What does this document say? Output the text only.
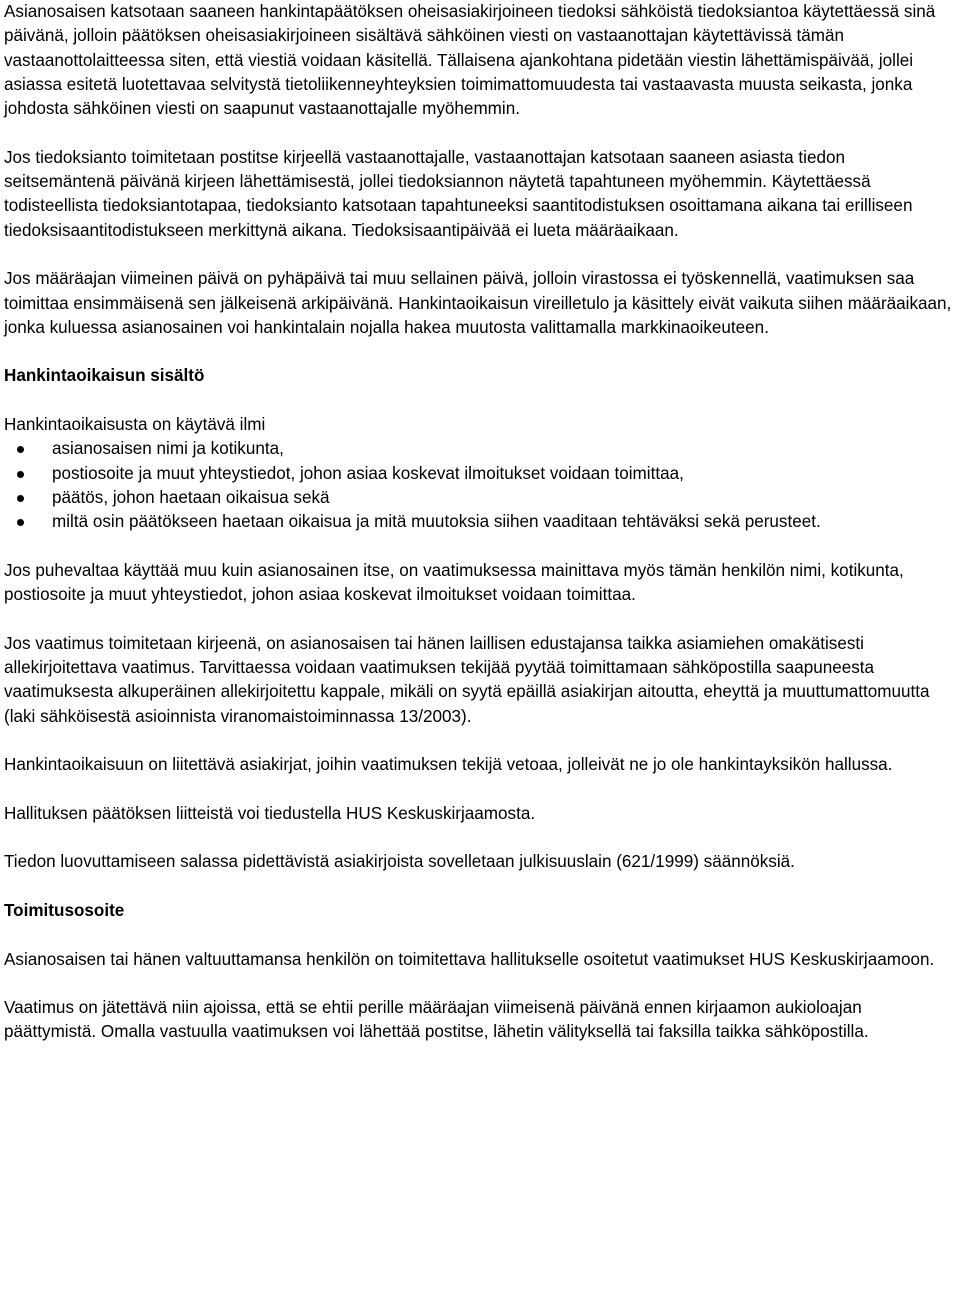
Asianosaisen katsotaan saaneen hankintapäätöksen oheisasiakirjoineen tiedoksi sähköistä tiedoksiantoa käytettäessä sinä päivänä, jolloin päätöksen oheisasiakirjoineen sisältävä sähköinen viesti on vastaanottajan käytettävissä tämän vastaanottolaitteessa siten, että viestiä voidaan käsitellä. Tällaisena ajankohtana pidetään viestin lähettämispäivää, jollei asiassa esitetä luotettavaa selvitystä tietoliikenneyhteyksien toimimattomuudesta tai vastaavasta muusta seikasta, jonka johdosta sähköinen viesti on saapunut vastaanottajalle myöhemmin.

Jos tiedoksianto toimitetaan postitse kirjeellä vastaanottajalle, vastaanottajan katsotaan saaneen asiasta tiedon seitsemäntenä päivänä kirjeen lähettämisestä, jollei tiedoksiannon näytetä tapahtuneen myöhemmin. Käytettäessä todisteellista tiedoksiantotapaa, tiedoksianto katsotaan tapahtuneeksi saantitodistuksen osoittamana aikana tai erilliseen tiedoksisaantitodistukseen merkittynä aikana. Tiedoksisaantipäivää ei lueta määräaikaan.

Jos määräajan viimeinen päivä on pyhäpäivä tai muu sellainen päivä, jolloin virastossa ei työskennellä, vaatimuksen saa toimittaa ensimmäisenä sen jälkeisenä arkipäivänä. Hankintaoikaisun vireilletulo ja käsittely eivät vaikuta siihen määräaikaan, jonka kuluessa asianosainen voi hankintalain nojalla hakea muutosta valittamalla markkinaoikeuteen.

Hankintaoikaisun sisältö

Hankintaoikaisusta on käytävä ilmi

asianosaisen nimi ja kotikunta,
postiosoite ja muut yhteystiedot, johon asiaa koskevat ilmoitukset voidaan toimittaa,
päätös, johon haetaan oikaisua sekä
miltä osin päätökseen haetaan oikaisua ja mitä muutoksia siihen vaaditaan tehtäväksi sekä perusteet.

Jos puhevaltaa käyttää muu kuin asianosainen itse, on vaatimuksessa mainittava myös tämän henkilön nimi, kotikunta, postiosoite ja muut yhteystiedot, johon asiaa koskevat ilmoitukset voidaan toimittaa.

Jos vaatimus toimitetaan kirjeenä, on asianosaisen tai hänen laillisen edustajansa taikka asiamiehen omakätisesti allekirjoitettava vaatimus. Tarvittaessa voidaan vaatimuksen tekijää pyytää toimittamaan sähköpostilla saapuneesta vaatimuksesta alkuperäinen allekirjoitettu kappale, mikäli on syytä epäillä asiakirjan aitoutta, eheyttä ja muuttumattomuutta (laki sähköisestä asioinnista viranomaistoiminnassa 13/2003).

Hankintaoikaisuun on liitettävä asiakirjat, joihin vaatimuksen tekijä vetoaa, jolleivät ne jo ole hankintayksikön hallussa.

Hallituksen päätöksen liitteistä voi tiedustella HUS Keskuskirjaamosta.

Tiedon luovuttamiseen salassa pidettävistä asiakirjoista sovelletaan julkisuuslain (621/1999) säännöksiä.

Toimitusosoite

Asianosaisen tai hänen valtuuttamansa henkilön on toimitettava hallitukselle osoitetut vaatimukset HUS Keskuskirjaamoon.

Vaatimus on jätettävä niin ajoissa, että se ehtii perille määräajan viimeisenä päivänä ennen kirjaamon aukioloajan päättymistä. Omalla vastuulla vaatimuksen voi lähettää postitse, lähetin välityksellä tai faksilla taikka sähköpostilla.
